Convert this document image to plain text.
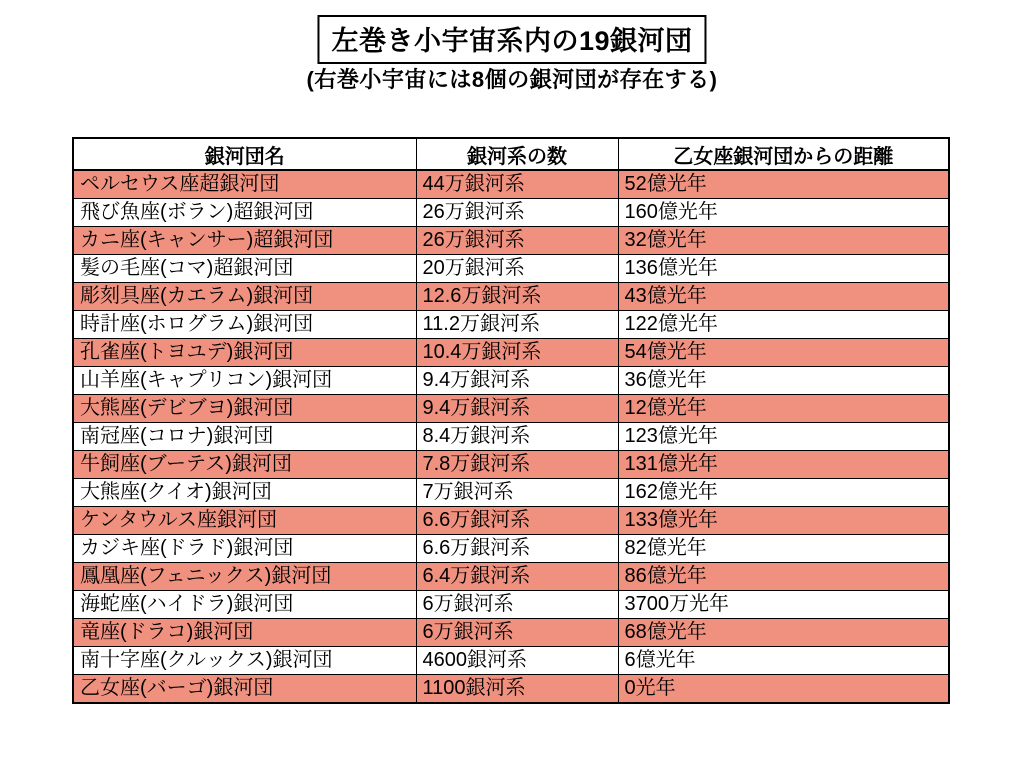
左巻き小宇宙系内の19銀河団
(右巻小宇宙には8個の銀河団が存在する)
銀河団名	銀河系の数	乙女座銀河団からの距離
ペルセウス座超銀河団	44万銀河系	52億光年
飛び魚座(ボラン)超銀河団	26万銀河系	160億光年
カニ座(キャンサー)超銀河団	26万銀河系	32億光年
髪の毛座(コマ)超銀河団	20万銀河系	136億光年
彫刻具座(カエラム)銀河団	12.6万銀河系	43億光年
時計座(ホログラム)銀河団	11.2万銀河系	122億光年
孔雀座(トヨユデ)銀河団	10.4万銀河系	54億光年
山羊座(キャプリコン)銀河団	9.4万銀河系	36億光年
大熊座(デビブヨ)銀河団	9.4万銀河系	12億光年
南冠座(コロナ)銀河団	8.4万銀河系	123億光年
牛飼座(ブーテス)銀河団	7.8万銀河系	131億光年
大熊座(クイオ)銀河団	7万銀河系	162億光年
ケンタウルス座銀河団	6.6万銀河系	133億光年
カジキ座(ドラド)銀河団	6.6万銀河系	82億光年
鳳凰座(フェニックス)銀河団	6.4万銀河系	86億光年
海蛇座(ハイドラ)銀河団	6万銀河系	3700万光年
竜座(ドラコ)銀河団	6万銀河系	68億光年
南十字座(クルックス)銀河団	4600銀河系	6億光年
乙女座(バーゴ)銀河団	1100銀河系	0光年
